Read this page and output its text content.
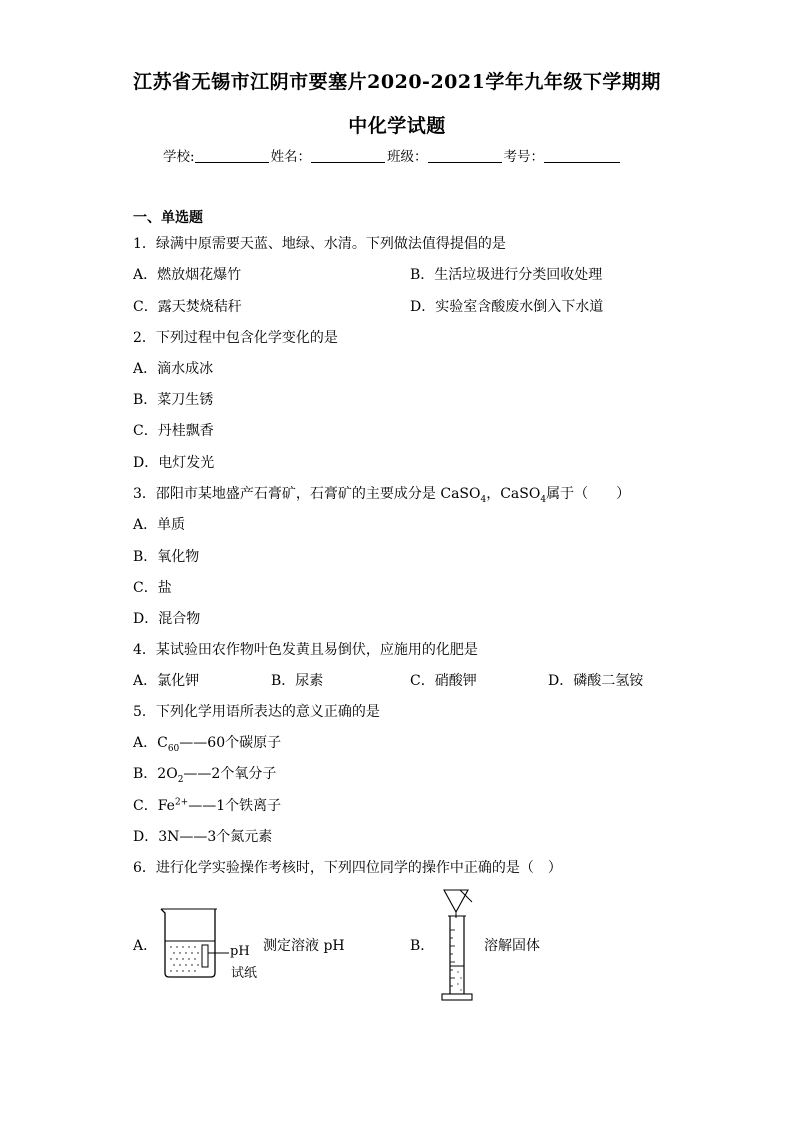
江苏省无锡市江阴市要塞片2020-2021学年九年级下学期期
中化学试题
学校:	姓名：	班级：	考号：
一、单选题
1．绿满中原需要天蓝、地绿、水清。下列做法值得提倡的是
A．燃放烟花爆竹	B．生活垃圾进行分类回收处理
C．露天焚烧秸秆	D．实验室含酸废水倒入下水道
2．下列过程中包含化学变化的是
A．滴水成冰
B．菜刀生锈
C．丹桂飘香
D．电灯发光
3．邵阳市某地盛产石膏矿，石膏矿的主要成分是 CaSO$_4$，CaSO$_4$属于（　　）
A．单质
B．氧化物
C．盐
D．混合物
4．某试验田农作物叶色发黄且易倒伏，应施用的化肥是
A．氯化钾	B．尿素	C．硝酸钾	D．磷酸二氢铵
5．下列化学用语所表达的意义正确的是
A．$C_{60}——60$个碳原子
B．$2O_2——2$个氧分子
C．$Fe^{2+}——1$个铁离子
D．3N——3个氮元素
6．进行化学实验操作考核时，下列四位同学的操作中正确的是（　）
A．	pH
试纸
测定溶液 pH	B．	溶解固体
